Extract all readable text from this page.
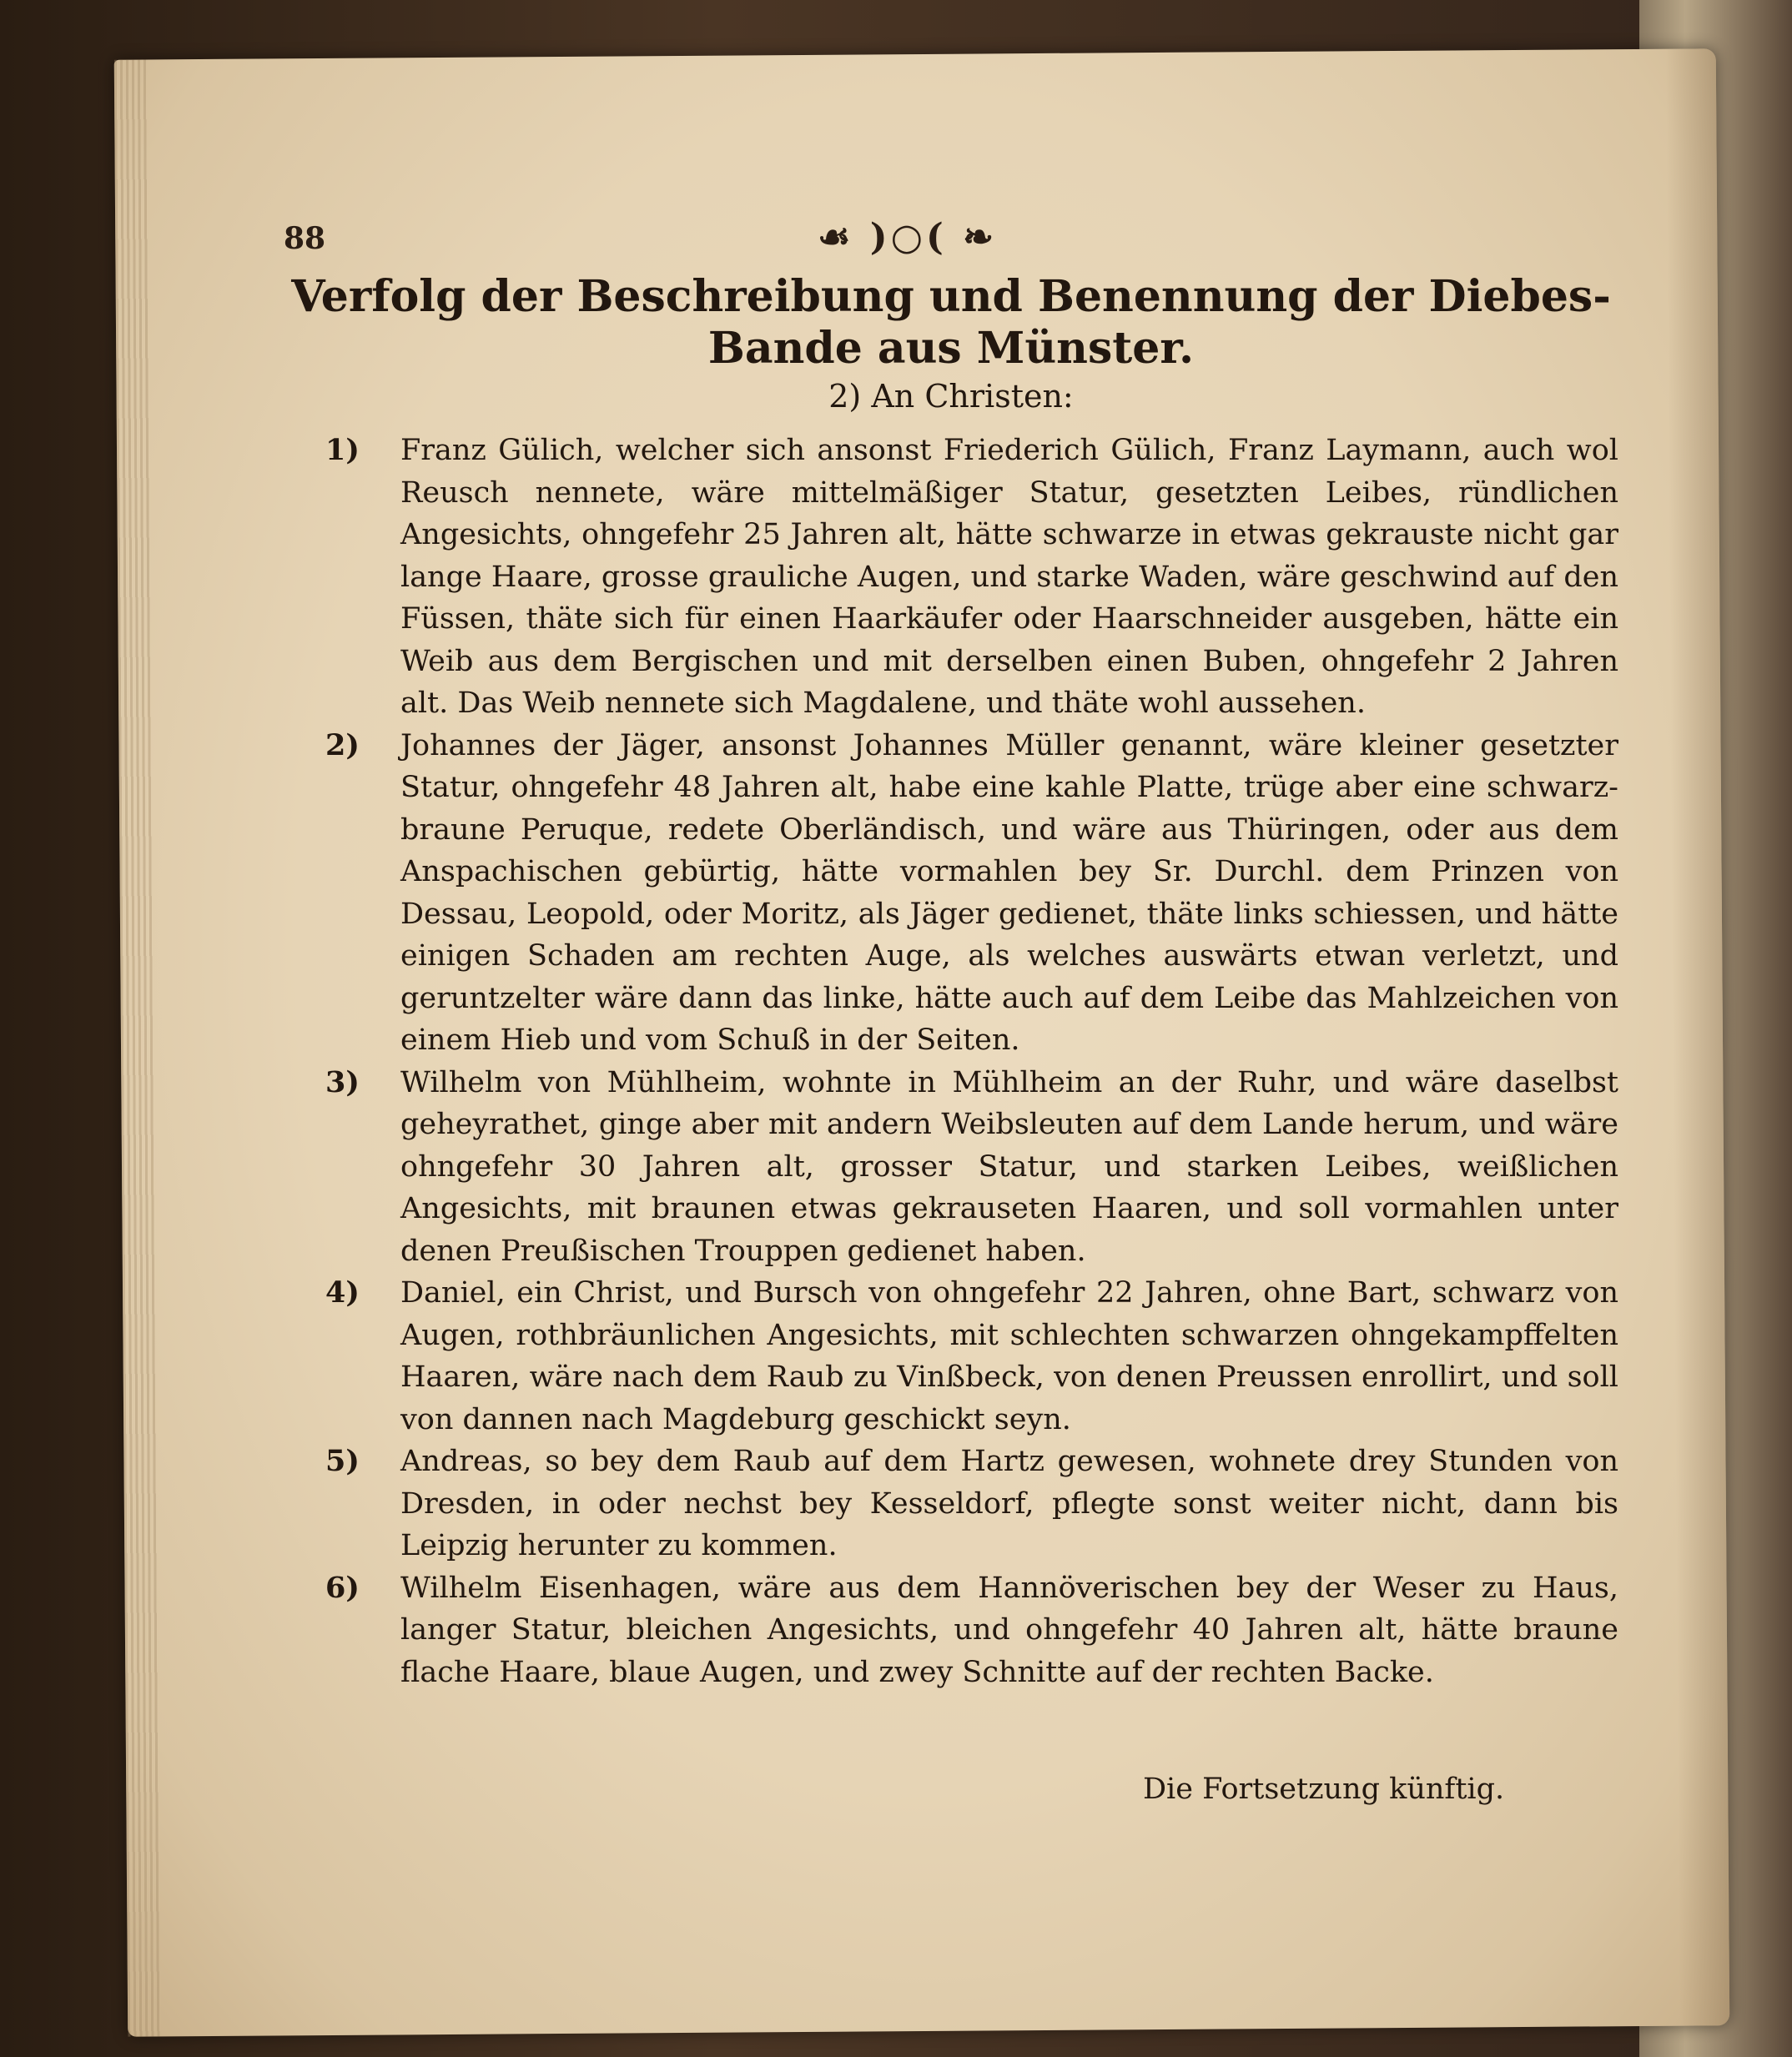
88	☙ )○( ❧
Verfolg der Beschreibung und Benennung der Diebes-Bande aus Münster.
2) An Christen:
1) Franz Gülich, welcher sich ansonst Friederich Gülich, Franz Laymann, auch wol Reusch nennete, wäre mittelmäßiger Statur, gesetzten Leibes, ründlichen Angesichts, ohngefehr 25 Jahren alt, hätte schwarze in etwas gekrauste nicht gar lange Haare, grosse grauliche Augen, und starke Waden, wäre geschwind auf den Füssen, thäte sich für einen Haarkäufer oder Haarschneider ausgeben, hätte ein Weib aus dem Bergischen und mit derselben einen Buben, ohngefehr 2 Jahren alt. Das Weib nennete sich Magdalene, und thäte wohl aussehen.
2) Johannes der Jäger, ansonst Johannes Müller genannt, wäre kleiner gesetzter Statur, ohngefehr 48 Jahren alt, habe eine kahle Platte, trüge aber eine schwarz-braune Peruque, redete Oberländisch, und wäre aus Thüringen, oder aus dem Anspachischen gebürtig, hätte vormahlen bey Sr. Durchl. dem Prinzen von Dessau, Leopold, oder Moritz, als Jäger gedienet, thäte links schiessen, und hätte einigen Schaden am rechten Auge, als welches auswärts etwan verletzt, und geruntzelter wäre dann das linke, hätte auch auf dem Leibe das Mahlzeichen von einem Hieb und vom Schuß in der Seiten.
3) Wilhelm von Mühlheim, wohnte in Mühlheim an der Ruhr, und wäre daselbst geheyrathet, ginge aber mit andern Weibsleuten auf dem Lande herum, und wäre ohngefehr 30 Jahren alt, grosser Statur, und starken Leibes, weißlichen Angesichts, mit braunen etwas gekrauseten Haaren, und soll vormahlen unter denen Preußischen Trouppen gedienet haben.
4) Daniel, ein Christ, und Bursch von ohngefehr 22 Jahren, ohne Bart, schwarz von Augen, rothbräunlichen Angesichts, mit schlechten schwarzen ohngekampffelten Haaren, wäre nach dem Raub zu Vinßbeck, von denen Preussen enrollirt, und soll von dannen nach Magdeburg geschickt seyn.
5) Andreas, so bey dem Raub auf dem Hartz gewesen, wohnete drey Stunden von Dresden, in oder nechst bey Kesseldorf, pflegte sonst weiter nicht, dann bis Leipzig herunter zu kommen.
6) Wilhelm Eisenhagen, wäre aus dem Hannöverischen bey der Weser zu Haus, langer Statur, bleichen Angesichts, und ohngefehr 40 Jahren alt, hätte braune flache Haare, blaue Augen, und zwey Schnitte auf der rechten Backe.
Die Fortsetzung künftig.
